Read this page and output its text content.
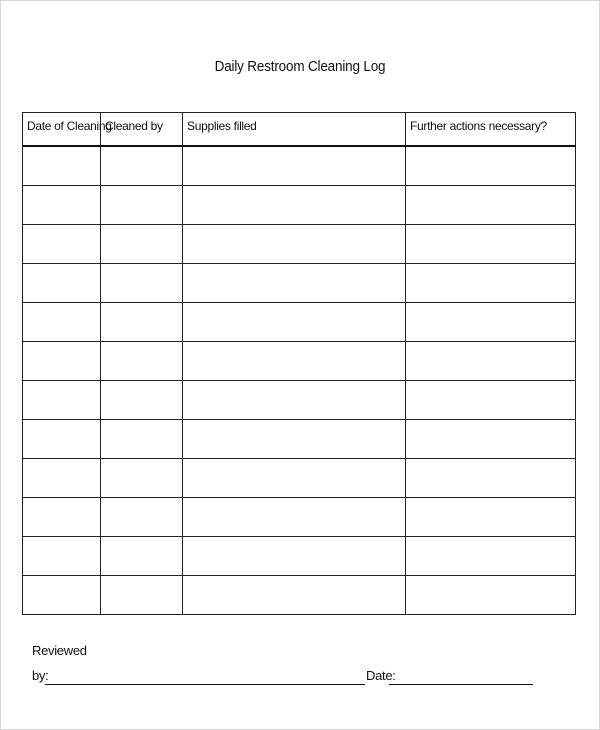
Daily Restroom Cleaning Log
Date of Cleaning	Cleaned by	Supplies filled	Further actions necessary?

Reviewed
by:	Date:
